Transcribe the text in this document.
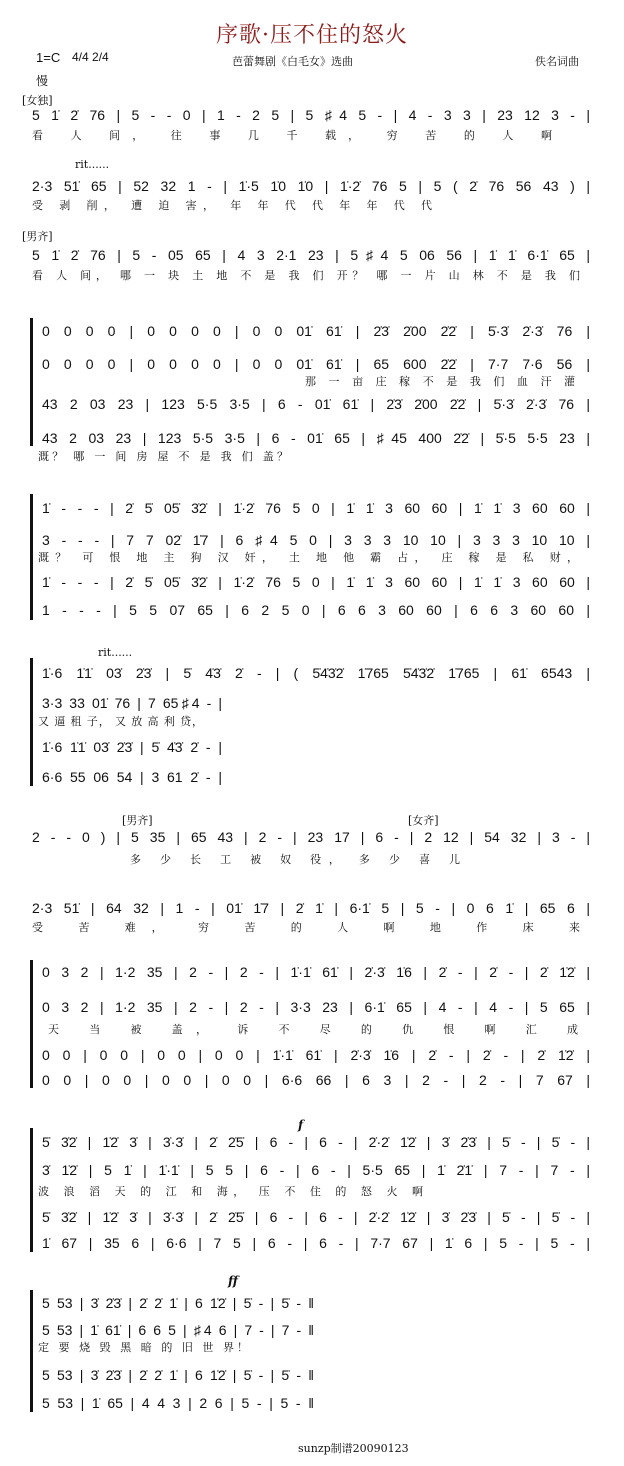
序歌·压不住的怒火
1=C 4/4 2/4	芭蕾舞剧《白毛女》选曲	佚名词曲
慢
[女独]
5 1̇ 2̇ 76 | 5 - - 0 | 1 - 2 5 | 5 ♯4 5 - | 4 - 3 3 | 23 12 3 - |
看 人 间， 往 事 几 千 载， 穷 苦 的 人 啊
rit......
2·3 51̇ 65 | 52 32 1 - | 1̇·5 1̇0 1̇0 | 1̇·2̇ 76 5 | 5 ( 2̇ 76 56 43 ) |
受 剥 削， 遭 迫 害， 年 年 代 代 年 年 代 代
[男齐]
5 1̇ 2̇ 76 | 5 - 05 65 | 4 3 2·1 23 | 5♯4 5 06 56 | 1̇ 1̇ 6·1̇ 65 |
看 人 间， 哪 一 块 土 地 不 是 我 们 开？ 哪 一 片 山 林 不 是 我 们
0 0 0 0 | 0 0 0 0 | 0 0 01̇ 61̇ | 2̇3̇ 2̇00 2̇2̇ | 5̇·3̇ 2̇·3̇ 76 |
0 0 0 0 | 0 0 0 0 | 0 0 01̇ 61̇ | 65 600 2̇2̇ | 7·7 7·6 56 |
那 一 亩 庄 稼 不 是 我 们 血 汗 灌
43 2 03 23 | 123 5·5 3·5 | 6 - 01̇ 61̇ | 2̇3̇ 2̇00 2̇2̇ | 5̇·3̇ 2̇·3̇ 76 |
43 2 03 23 | 123 5·5 3·5 | 6 - 01̇ 65 | ♯45 400 2̇2̇ | 5̇·5 5·5 23 |
溉？ 哪 一 间 房 屋 不 是 我 们 盖？
1̇ - - - | 2̇ 5̇ 05̇ 3̇2̇ | 1̇·2̇ 76 5 0 | 1̇ 1̇ 3 60 60 | 1̇ 1̇ 3 60 60 |
3 - - - | 7 7 02̇ 1̇7 | 6 ♯4 5 0 | 3 3 3 10 10 | 3 3 3 10 10 |
溉？ 可 恨 地 主 狗 汉 奸， 土 地 他 霸 占， 庄 稼 是 私 财，
1̇ - - - | 2̇ 5̇ 05̇ 3̇2̇ | 1̇·2̇ 76 5 0 | 1̇ 1̇ 3 60 60 | 1̇ 1̇ 3 60 60 |
1 - - - | 5 5 07 65 | 6 2 5 0 | 6 6 3 60 60 | 6 6 3 60 60 |
rit......
1̇·6 1̇1̇ 03̇ 2̇3̇ | 5̇ 4̇3̇ 2̇ - | ( 5̇4̇3̇2̇ 1̇765 5̇4̇3̇2̇ 1̇765 | 61̇ 6543 |
3·3 33 01̇ 76 | 7 65♯4 - |
又 逼 租 子， 又 放 高 利 贷，
1̇·6 1̇1̇ 03̇ 2̇3̇ | 5̇ 4̇3̇ 2̇ - |
6·6 55 06 54 | 3 61 2̇ - |
[男齐]	[女齐]
2 - - 0 ) | 5 35 | 65 43 | 2 - | 23 17 | 6 - | 2 12 | 54 32 | 3 - |
多 少 长 工 被 奴 役， 多 少 喜 儿
2·3 51̇ | 64 32 | 1 - | 01̇ 1̇7 | 2̇ 1̇ | 6·1̇ 5 | 5 - | 0 6 1̇ | 65 6 |
受 苦 难， 穷 苦 的 人 啊 地 作 床 来
0 3 2 | 1·2 35 | 2 - | 2 - | 1̇·1̇ 61̇ | 2̇·3̇ 1̇6 | 2̇ - | 2̇ - | 2̇ 1̇2̇ |
0 3 2 | 1·2 35 | 2 - | 2 - | 3·3 23 | 6·1̇ 65 | 4 - | 4 - | 5 65 |
天 当 被 盖， 诉 不 尽 的 仇 恨 啊 汇 成
0 0 | 0 0 | 0 0 | 0 0 | 1̇·1̇ 61̇ | 2̇·3̇ 1̇6 | 2̇ - | 2̇ - | 2̇ 1̇2̇ |
0 0 | 0 0 | 0 0 | 0 0 | 6·6 66 | 6 3 | 2 - | 2 - | 7 67 |
f
5̇ 3̇2̇ | 1̇2̇ 3̇ | 3̇·3̇ | 2̇ 2̇5̇ | 6 - | 6 - | 2̇·2̇ 1̇2̇ | 3̇ 2̇3̇ | 5̇ - | 5̇ - |
3̇ 1̇2̇ | 5 1̇ | 1̇·1̇ | 5 5 | 6 - | 6 - | 5·5 65 | 1̇ 2̇1̇ | 7 - | 7 - |
波 浪 滔 天 的 江 和 海， 压 不 住 的 怒 火 啊
5̇ 3̇2̇ | 1̇2̇ 3̇ | 3̇·3̇ | 2̇ 2̇5̇ | 6 - | 6 - | 2̇·2̇ 1̇2̇ | 3̇ 2̇3̇ | 5̇ - | 5̇ - |
1̇ 67 | 35 6 | 6·6 | 7 5 | 6 - | 6 - | 7·7 67 | 1̇ 6 | 5 - | 5 - |
ff
5 53 | 3̇ 2̇3̇ | 2̇ 2̇ 1̇ | 6 1̇2̇ | 5̇ - | 5̇ - ‖
5 53 | 1̇ 61̇ | 6 6 5 | ♯4 6 | 7 - | 7 - ‖
定 要 烧 毁 黑 暗 的 旧 世 界！
5 53 | 3̇ 2̇3̇ | 2̇ 2̇ 1̇ | 6 1̇2̇ | 5̇ - | 5̇ - ‖
5 53 | 1̇ 65 | 4 4 3 | 2 6 | 5 - | 5 - ‖
sunzp制谱20090123
